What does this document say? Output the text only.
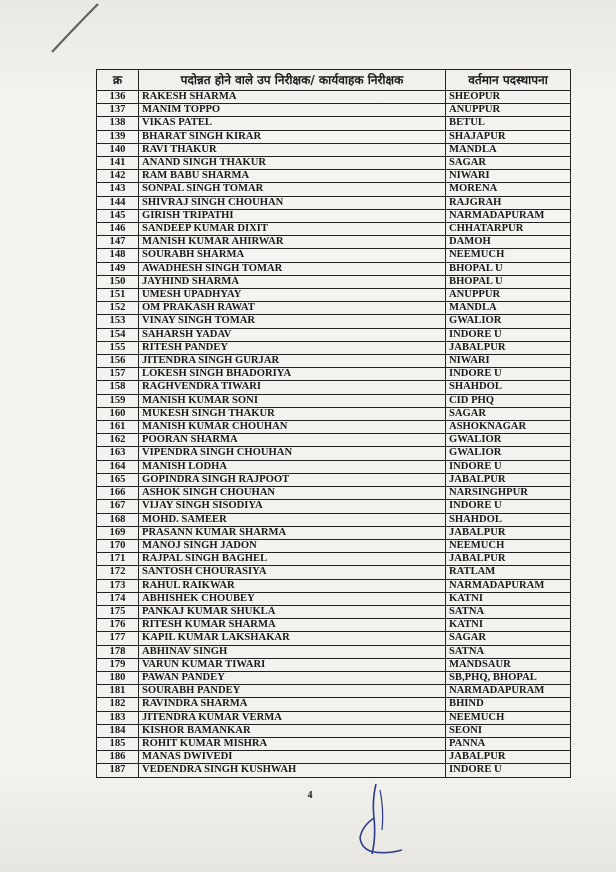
क्र	पदोन्नत होने वाले उप निरीक्षक/ कार्यवाहक निरीक्षक	वर्तमान पदस्थापना
136	RAKESH SHARMA	SHEOPUR
137	MANIM TOPPO	ANUPPUR
138	VIKAS PATEL	BETUL
139	BHARAT SINGH KIRAR	SHAJAPUR
140	RAVI THAKUR	MANDLA
141	ANAND SINGH THAKUR	SAGAR
142	RAM BABU SHARMA	NIWARI
143	SONPAL SINGH TOMAR	MORENA
144	SHIVRAJ SINGH CHOUHAN	RAJGRAH
145	GIRISH TRIPATHI	NARMADAPURAM
146	SANDEEP KUMAR DIXIT	CHHATARPUR
147	MANISH KUMAR AHIRWAR	DAMOH
148	SOURABH SHARMA	NEEMUCH
149	AWADHESH SINGH TOMAR	BHOPAL U
150	JAYHIND SHARMA	BHOPAL U
151	UMESH UPADHYAY	ANUPPUR
152	OM PRAKASH RAWAT	MANDLA
153	VINAY SINGH TOMAR	GWALIOR
154	SAHARSH YADAV	INDORE U
155	RITESH PANDEY	JABALPUR
156	JITENDRA SINGH GURJAR	NIWARI
157	LOKESH SINGH BHADORIYA	INDORE U
158	RAGHVENDRA TIWARI	SHAHDOL
159	MANISH KUMAR SONI	CID PHQ
160	MUKESH SINGH THAKUR	SAGAR
161	MANISH KUMAR CHOUHAN	ASHOKNAGAR
162	POORAN SHARMA	GWALIOR
163	VIPENDRA SINGH CHOUHAN	GWALIOR
164	MANISH LODHA	INDORE U
165	GOPINDRA SINGH RAJPOOT	JABALPUR
166	ASHOK SINGH CHOUHAN	NARSINGHPUR
167	VIJAY SINGH SISODIYA	INDORE U
168	MOHD. SAMEER	SHAHDOL
169	PRASANN KUMAR SHARMA	JABALPUR
170	MANOJ SINGH JADON	NEEMUCH
171	RAJPAL SINGH BAGHEL	JABALPUR
172	SANTOSH CHOURASIYA	RATLAM
173	RAHUL RAIKWAR	NARMADAPURAM
174	ABHISHEK CHOUBEY	KATNI
175	PANKAJ KUMAR SHUKLA	SATNA
176	RITESH KUMAR SHARMA	KATNI
177	KAPIL KUMAR LAKSHAKAR	SAGAR
178	ABHINAV SINGH	SATNA
179	VARUN KUMAR TIWARI	MANDSAUR
180	PAWAN PANDEY	SB,PHQ, BHOPAL
181	SOURABH PANDEY	NARMADAPURAM
182	RAVINDRA SHARMA	BHIND
183	JITENDRA KUMAR VERMA	NEEMUCH
184	KISHOR BAMANKAR	SEONI
185	ROHIT KUMAR MISHRA	PANNA
186	MANAS DWIVEDI	JABALPUR
187	VEDENDRA SINGH KUSHWAH	INDORE U
4
